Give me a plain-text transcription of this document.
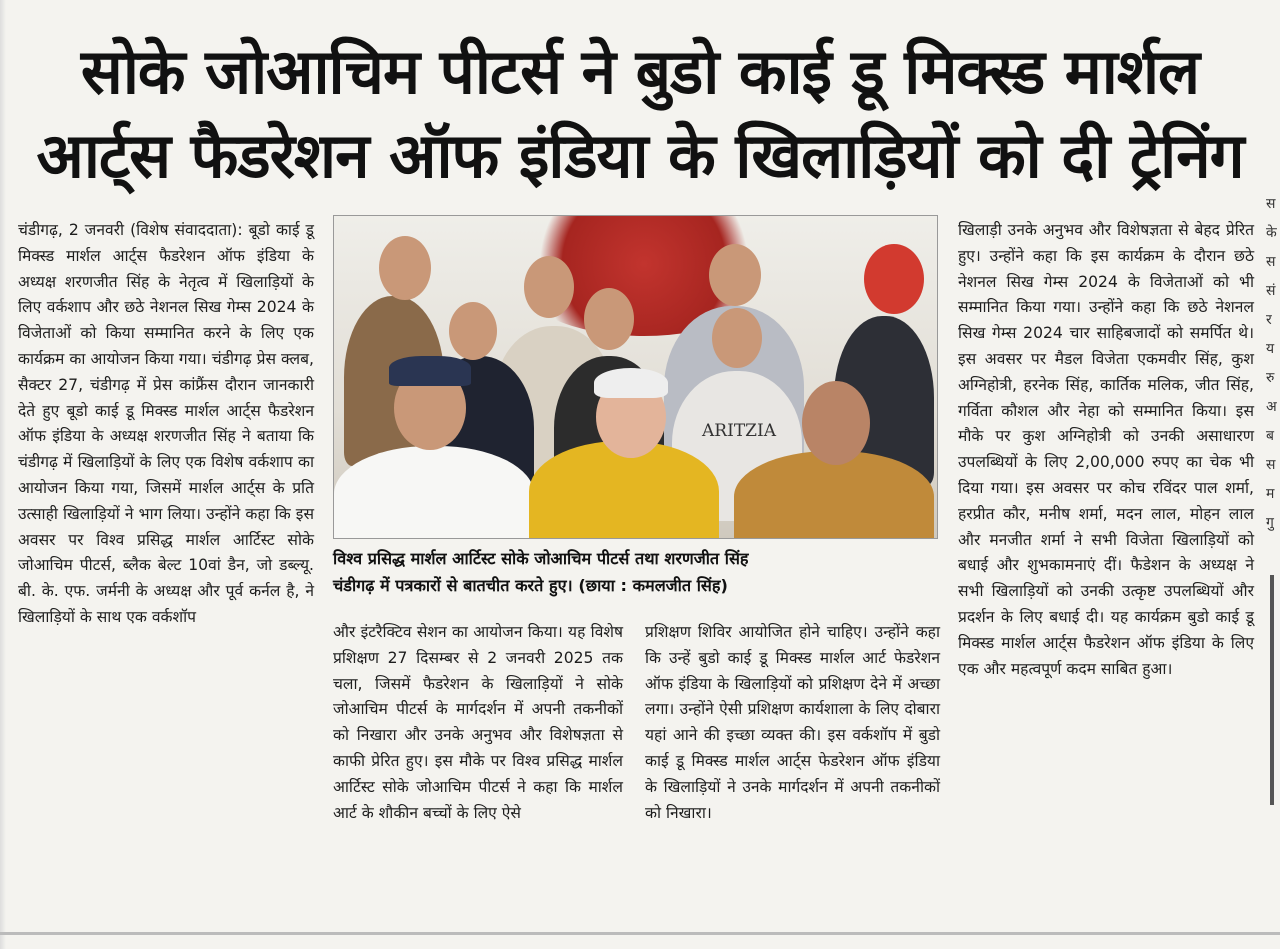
सोके जोआचिम पीटर्स ने बुडो काई डू मिक्स्ड मार्शल
आर्ट्स फैडरेशन ऑफ इंडिया के खिलाड़ियों को दी ट्रेनिंग
चंडीगढ़, 2 जनवरी (विशेष संवाददाता): बूडो काई डू मिक्स्ड मार्शल आर्ट्स फैडरेशन ऑफ इंडिया के अध्यक्ष शरणजीत सिंह के नेतृत्व में खिलाड़ियों के लिए वर्कशाप और छठे नेशनल सिख गेम्स 2024 के विजेताओं को किया सम्मानित करने के लिए एक कार्यक्रम का आयोजन किया गया। चंडीगढ़ प्रेस क्लब, सैक्टर 27, चंडीगढ़ में प्रेस कांफ्रैंस दौरान जानकारी देते हुए बूडो काई डू मिक्स्ड मार्शल आर्ट्स फैडरेशन ऑफ इंडिया के अध्यक्ष शरणजीत सिंह ने बताया कि चंडीगढ़ में खिलाड़ियों के लिए एक विशेष वर्कशाप का आयोजन किया गया, जिसमें मार्शल आर्ट्स के प्रति उत्साही खिलाड़ियों ने भाग लिया। उन्होंने कहा कि इस अवसर पर विश्व प्रसिद्ध मार्शल आर्टिस्ट सोके जोआचिम पीटर्स, ब्लैक बेल्ट 10वां डैन, जो डब्ल्यू. बी. के. एफ. जर्मनी के अध्यक्ष और पूर्व कर्नल है, ने खिलाड़ियों के साथ एक वर्कशॉप
ARITZIA
विश्व प्रसिद्ध मार्शल आर्टिस्ट सोके जोआचिम पीटर्स तथा शरणजीत सिंह
चंडीगढ़ में पत्रकारों से बातचीत करते हुए। (छाया : कमलजीत सिंह)
और इंटरैक्टिव सेशन का आयोजन किया। यह विशेष प्रशिक्षण 27 दिसम्बर से 2 जनवरी 2025 तक चला, जिसमें फैडरेशन के खिलाड़ियों ने सोके जोआचिम पीटर्स के मार्गदर्शन में अपनी तकनीकों को निखारा और उनके अनुभव और विशेषज्ञता से काफी प्रेरित हुए। इस मौके पर विश्व प्रसिद्ध मार्शल आर्टिस्ट सोके जोआचिम पीटर्स ने कहा कि मार्शल आर्ट के शौकीन बच्चों के लिए ऐसे
प्रशिक्षण शिविर आयोजित होने चाहिए। उन्होंने कहा कि उन्हें बुडो काई डू मिक्स्ड मार्शल आर्ट फेडरेशन ऑफ इंडिया के खिलाड़ियों को प्रशिक्षण देने में अच्छा लगा। उन्होंने ऐसी प्रशिक्षण कार्यशाला के लिए दोबारा यहां आने की इच्छा व्यक्त की। इस वर्कशॉप में बुडो काई डू मिक्स्ड मार्शल आर्ट्स फेडरेशन ऑफ इंडिया के खिलाड़ियों ने उनके मार्गदर्शन में अपनी तकनीकों को निखारा।
खिलाड़ी उनके अनुभव और विशेषज्ञता से बेहद प्रेरित हुए। उन्होंने कहा कि इस कार्यक्रम के दौरान छठे नेशनल सिख गेम्स 2024 के विजेताओं को भी सम्मानित किया गया। उन्होंने कहा कि छठे नेशनल सिख गेम्स 2024 चार साहिबजादों को समर्पित थे। इस अवसर पर मैडल विजेता एकमवीर सिंह, कुश अग्निहोत्री, हरनेक सिंह, कार्तिक मलिक, जीत सिंह, गर्विता कौशल और नेहा को सम्मानित किया। इस मौके पर कुश अग्निहोत्री को उनकी असाधारण उपलब्धियों के लिए 2,00,000 रुपए का चेक भी दिया गया। इस अवसर पर कोच रविंदर पाल शर्मा, हरप्रीत कौर, मनीष शर्मा, मदन लाल, मोहन लाल और मनजीत शर्मा ने सभी विजेता खिलाड़ियों को बधाई और शुभकामनाएं दीं। फैडेशन के अध्यक्ष ने सभी खिलाड़ियों को उनकी उत्कृष्ट उपलब्धियों और प्रदर्शन के लिए बधाई दी। यह कार्यक्रम बुडो काई डू मिक्स्ड मार्शल आर्ट्स फैडरेशन ऑफ इंडिया के लिए एक और महत्वपूर्ण कदम साबित हुआ।
स के स सं र य रु अ ब स म गु
